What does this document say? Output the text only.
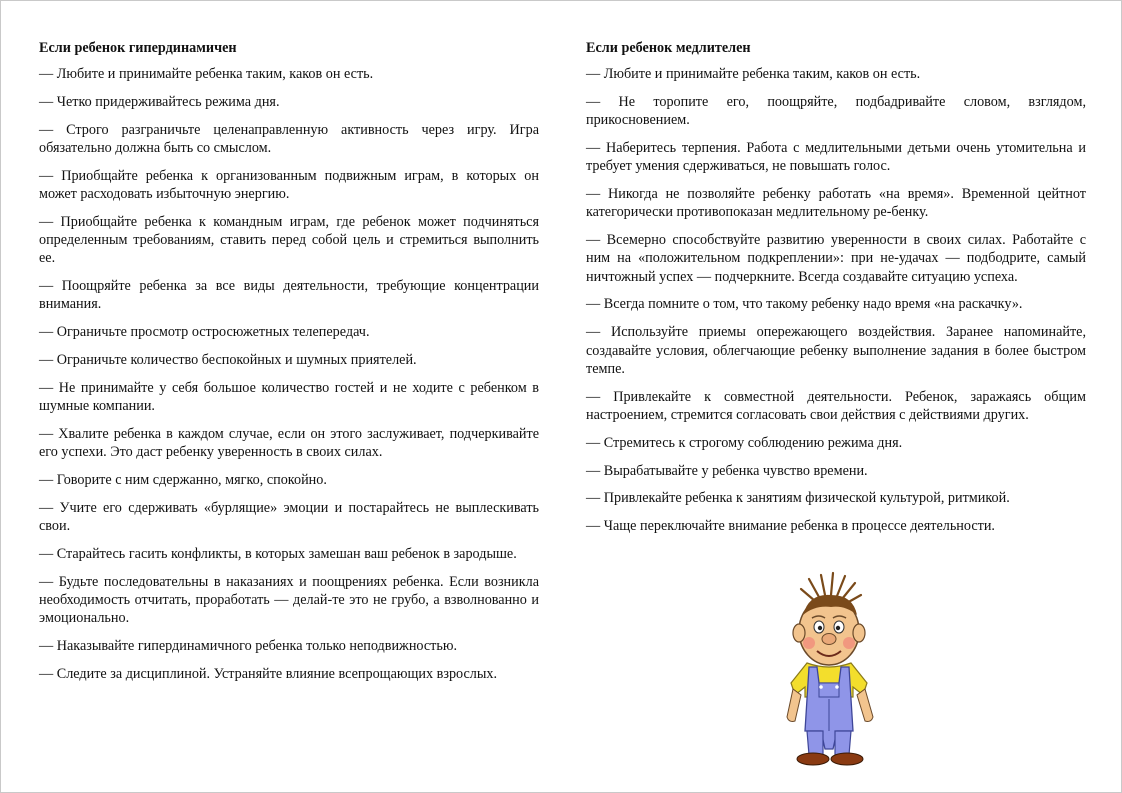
Если ребенок гипердинамичен
— Любите и принимайте ребенка таким, каков он есть.
— Четко придерживайтесь режима дня.
— Строго разграничьте целенаправленную активность через игру. Игра обязательно должна быть со смыслом.
— Приобщайте ребенка к организованным подвижным играм, в которых он может расходовать избыточную энергию.
— Приобщайте ребенка к командным играм, где ребенок может подчиняться определенным требованиям, ставить перед собой цель и стремиться выполнить ее.
— Поощряйте ребенка за все виды деятельности, требующие концентрации внимания.
— Ограничьте просмотр остросюжетных телепередач.
— Ограничьте количество беспокойных и шумных приятелей.
— Не принимайте у себя большое количество гостей и не ходите с ребенком в шумные компании.
— Хвалите ребенка в каждом случае, если он этого заслуживает, подчеркивайте его успехи. Это даст ребенку уверенность в своих силах.
— Говорите с ним сдержанно, мягко, спокойно.
— Учите его сдерживать «бурлящие» эмоции и постарайтесь не выплескивать свои.
— Старайтесь гасить конфликты, в которых замешан ваш ребенок в зародыше.
— Будьте последовательны в наказаниях и поощрениях ребенка. Если возникла необходимость отчитать, проработать — делай-те это не грубо, а взволнованно и эмоционально.
— Наказывайте гипердинамичного ребенка только неподвижностью.
— Следите за дисциплиной. Устраняйте влияние всепрощающих взрослых.
Если ребенок медлителен
— Любите и принимайте ребенка таким, каков он есть.
— Не торопите его, поощряйте, подбадривайте словом, взглядом, прикосновением.
— Наберитесь терпения. Работа с медлительными детьми очень утомительна и требует умения сдерживаться, не повышать голос.
— Никогда не позволяйте ребенку работать «на время». Временной цейтнот категорически противопоказан медлительному ре-бенку.
— Всемерно способствуйте развитию уверенности в своих силах. Работайте с ним на «положительном подкреплении»: при не-удачах — подбодрите, самый ничтожный успех — подчеркните. Всегда создавайте ситуацию успеха.
— Всегда помните о том, что такому ребенку надо время «на раскачку».
— Используйте приемы опережающего воздействия. Заранее напоминайте, создавайте условия, облегчающие ребенку выполнение задания в более быстром темпе.
— Привлекайте к совместной деятельности. Ребенок, заражаясь общим настроением, стремится согласовать свои действия с действиями других.
— Стремитесь к строгому соблюдению режима дня.
— Вырабатывайте у ребенка чувство времени.
— Привлекайте ребенка к занятиям физической культурой, ритмикой.
— Чаще переключайте внимание ребенка в процессе деятельности.
